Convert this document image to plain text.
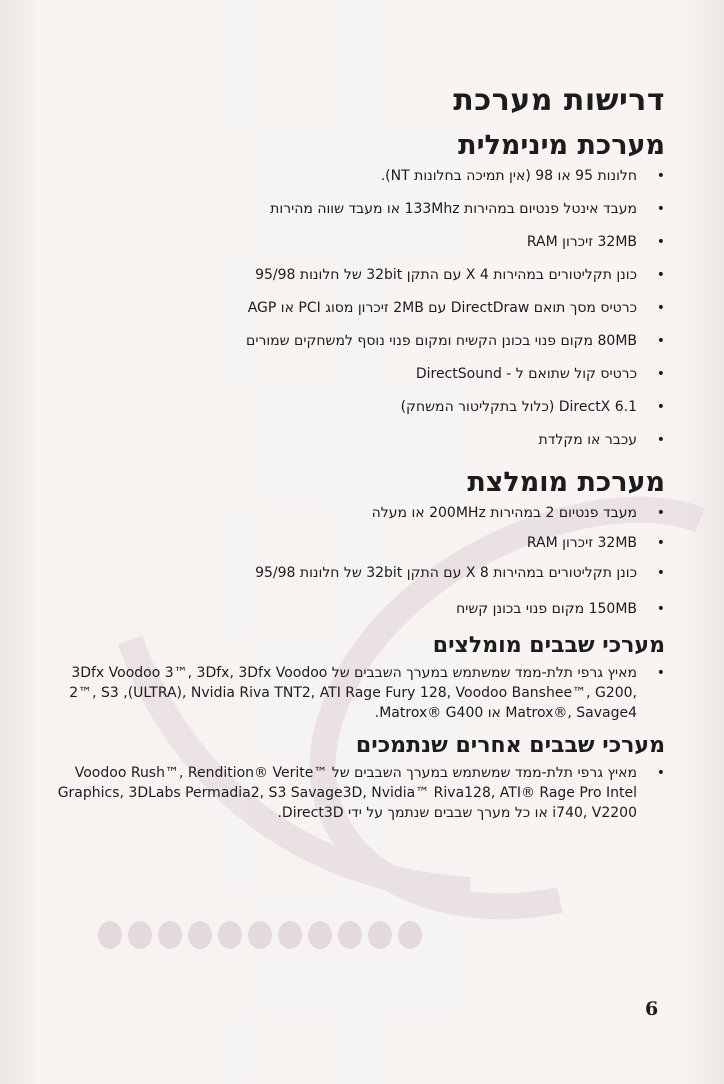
דרישות מערכת
מערכת מינימלית
• חלונות 95 או 98 (אין תמיכה בחלונות NT).
• מעבד אינטל פנטיום במהירות 133Mhz או מעבד שווה מהירות
• 32MB זיכרון RAM
• כונן תקליטורים במהירות X 4 עם התקן 32bit של חלונות 95/98
• כרטיס מסך תואם DirectDraw עם 2MB זיכרון מסוג PCI או AGP
• 80MB מקום פנוי בכונן הקשיח ומקום פנוי נוסף למשחקים שמורים
• כרטיס קול שתואם ל - DirectSound
• DirectX 6.1 (כלול בתקליטור המשחק)
• עכבר או מקלדת
מערכת מומלצת
• מעבד פנטיום 2 במהירות 200MHz או מעלה
• 32MB זיכרון RAM
• כונן תקליטורים במהירות X 8 עם התקן 32bit של חלונות 95/98
• 150MB מקום פנוי בכונן קשיח
מערכי שבבים מומלצים
• מאיץ גרפי תלת-ממד שמשתמש במערך השבבים של 3Dfx Voodoo 3™, 3Dfx, 3Dfx Voodoo 2™, S3 ,(ULTRA), Nvidia Riva TNT2, ATI Rage Fury 128, Voodoo Banshee™, G200, Matrox®, Savage4 או Matrox® G400.
מערכי שבבים אחרים שנתמכים
• מאיץ גרפי תלת-ממד שמשתמש במערך השבבים של Voodoo Rush™, Rendition® Verite™ Graphics, 3DLabs Permadia2, S3 Savage3D, Nvidia™ Riva128, ATI® Rage Pro Intel i740, V2200 או כל מערך שבבים שנתמך על ידי Direct3D.
6
